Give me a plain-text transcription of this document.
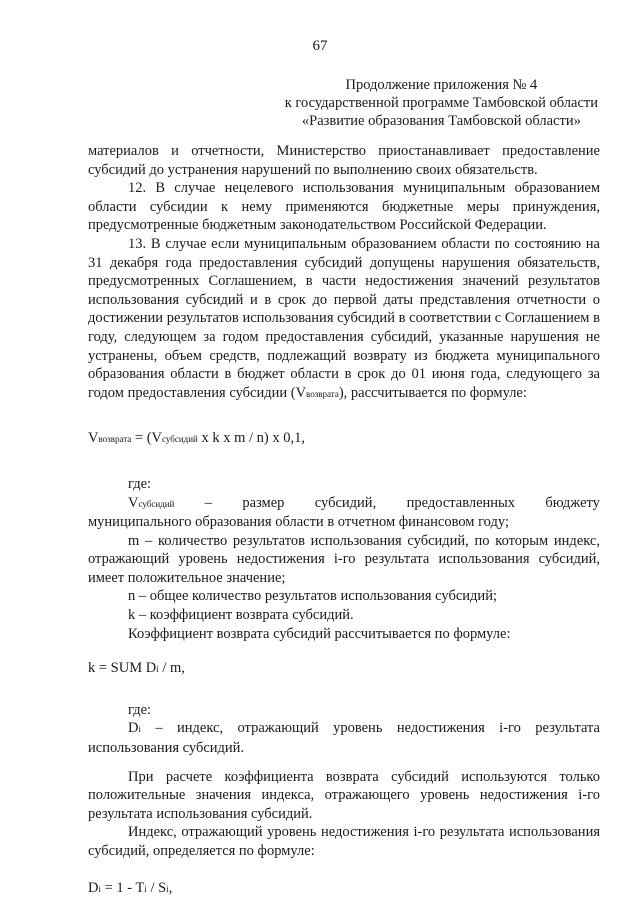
67
Продолжение приложения № 4
к государственной программе Тамбовской области
«Развитие образования Тамбовской области»

материалов и отчетности, Министерство приостанавливает предоставление субсидий до устранения нарушений по выполнению своих обязательств.

12. В случае нецелевого использования муниципальным образованием области субсидии к нему применяются бюджетные меры принуждения, предусмотренные бюджетным законодательством Российской Федерации.

13. В случае если муниципальным образованием области по состоянию на 31 декабря года предоставления субсидий допущены нарушения обязательств, предусмотренных Соглашением, в части недостижения значений результатов использования субсидий и в срок до первой даты представления отчетности о достижении результатов использования субсидий в соответствии с Соглашением в году, следующем за годом предоставления субсидий, указанные нарушения не устранены, объем средств, подлежащий возврату из бюджета муниципального образования области в бюджет области в срок до 01 июня года, следующего за годом предоставления субсидии (Vвозврата), рассчитывается по формуле:

Vвозврата = (Vсубсидий x k x m / n) x 0,1,

где:

Vсубсидий – размер субсидий, предоставленных бюджету

муниципального образования области в отчетном финансовом году;

m – количество результатов использования субсидий, по которым индекс, отражающий уровень недостижения i-го результата использования субсидий, имеет положительное значение;

n – общее количество результатов использования субсидий;

k – коэффициент возврата субсидий.

Коэффициент возврата субсидий рассчитывается по формуле:

k = SUM Di / m,

где:

Di – индекс, отражающий уровень недостижения i-го результата использования субсидий.

При расчете коэффициента возврата субсидий используются только положительные значения индекса, отражающего уровень недостижения i-го результата использования субсидий.

Индекс, отражающий уровень недостижения i-го результата использования субсидий, определяется по формуле:

Di = 1 - Ti / Si,
